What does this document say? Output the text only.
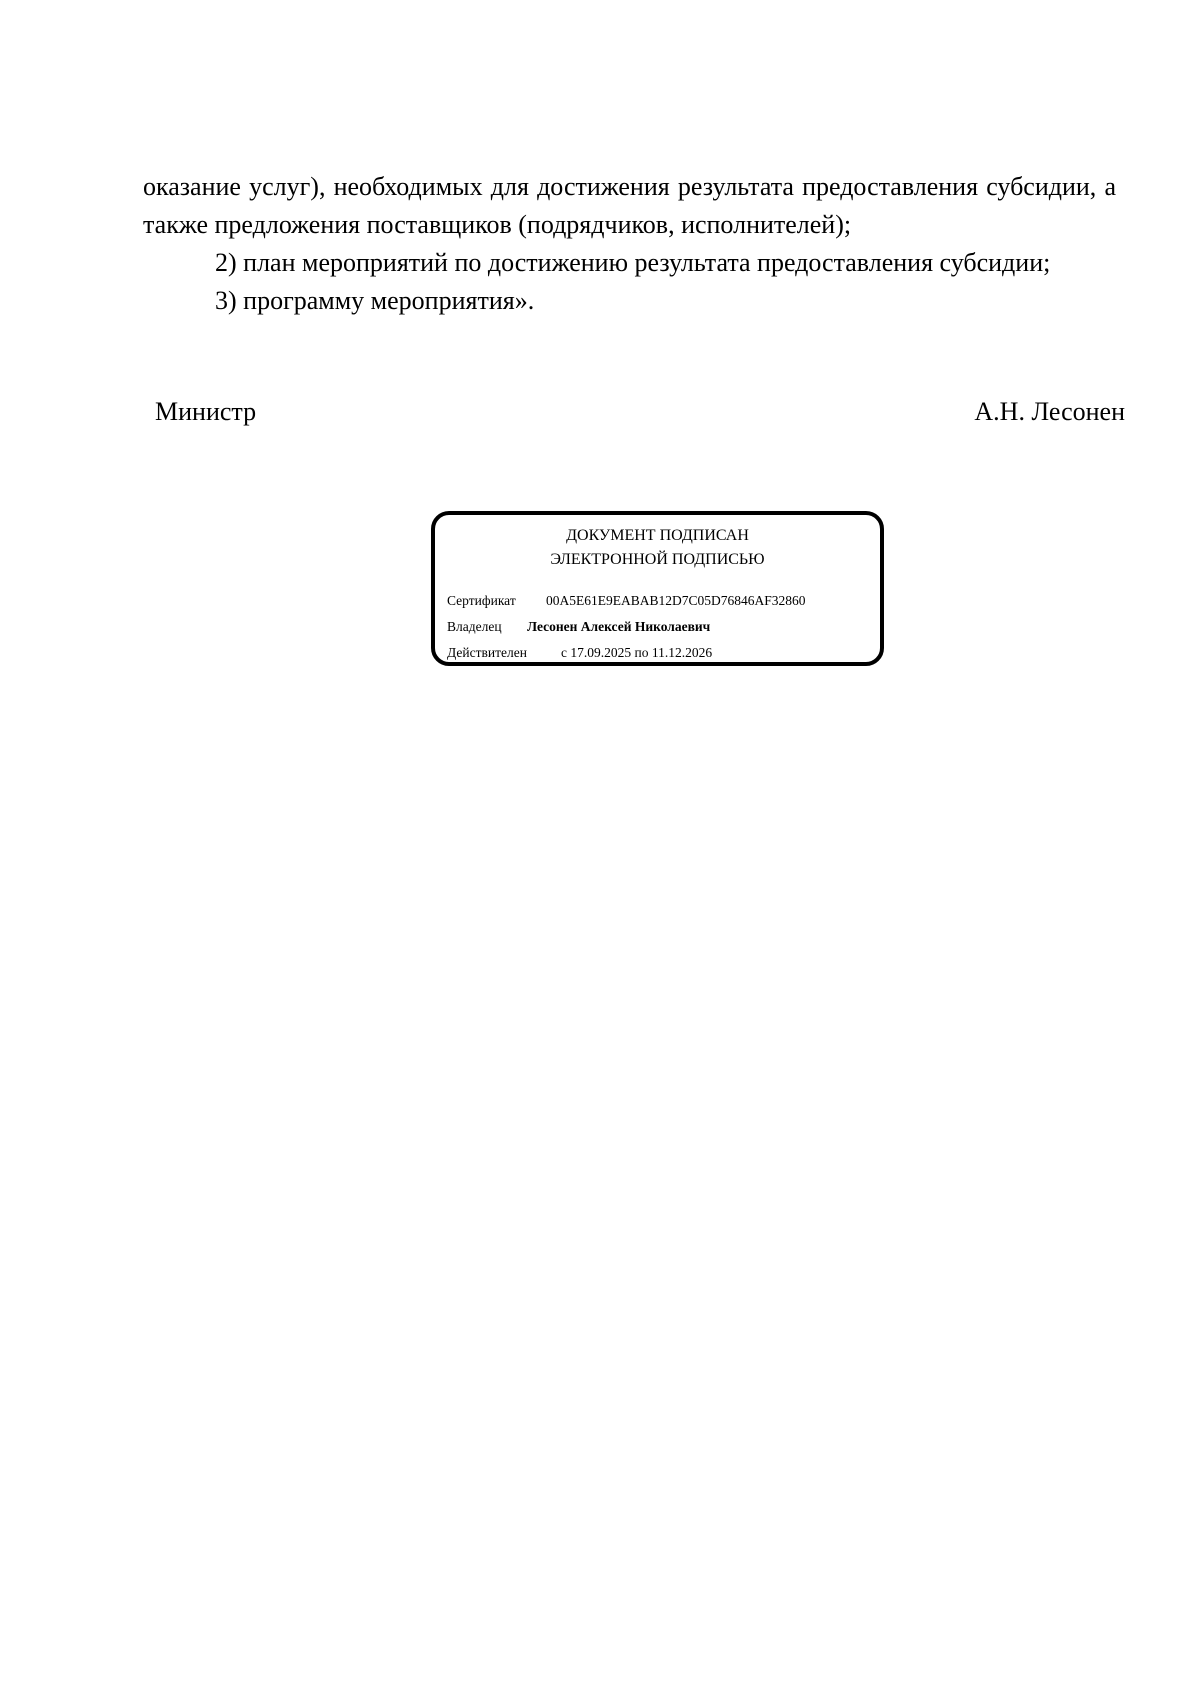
оказание услуг), необходимых для достижения результата предоставления субсидии, а также предложения поставщиков (подрядчиков, исполнителей);

2) план мероприятий по достижению результата предоставления субсидии;

3) программу мероприятия».

Министр	А.Н. Лесонен
ДОКУМЕНТ ПОДПИСАН
ЭЛЕКТРОННОЙ ПОДПИСЬЮ
Сертификат 00A5E61E9EABAB12D7C05D76846AF32860
Владелец Лесонен Алексей Николаевич
Действителен	с 17.09.2025 по 11.12.2026
